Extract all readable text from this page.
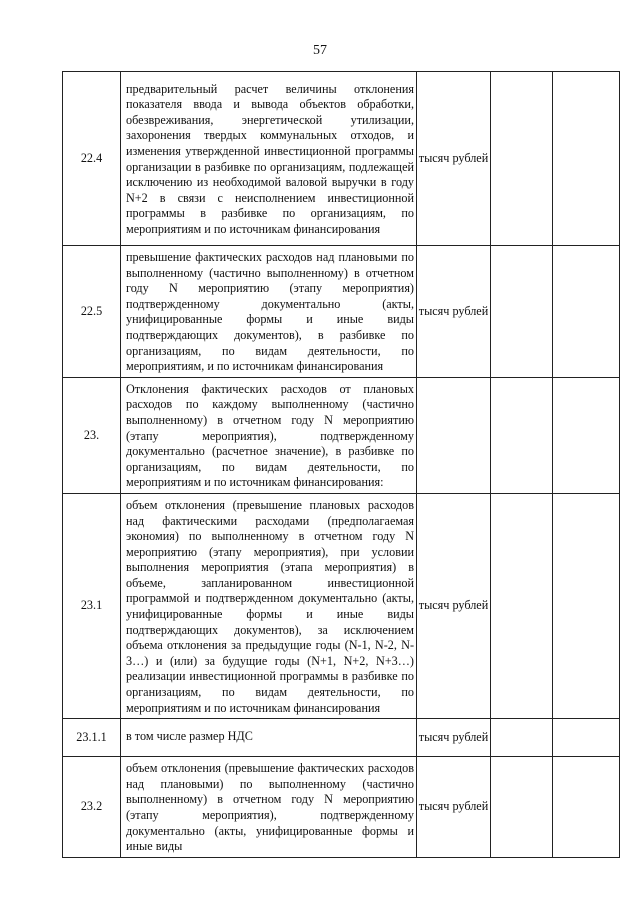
57
22.4	предварительный расчет величины отклонения показателя ввода и вывода объектов обработки, обезвреживания, энергетической утилизации, захоронения твердых коммунальных отходов, и изменения утвержденной инвестиционной программы организации в разбивке по организациям, подлежащей исключению из необходимой валовой выручки в году N+2 в связи с неисполнением инвестиционной программы в разбивке по организациям, по мероприятиям и по источникам финансирования	тысяч рублей		

22.5	превышение фактических расходов над плановыми по выполненному (частично выполненному) в отчетном году N мероприятию (этапу мероприятия) подтвержденному документально (акты, унифицированные формы и иные виды подтверждающих документов), в разбивке по организациям, по видам деятельности, по мероприятиям, и по источникам финансирования	тысяч рублей		

23.	Отклонения фактических расходов от плановых расходов по каждому выполненному (частично выполненному) в отчетном году N мероприятию (этапу мероприятия), подтвержденному документально (расчетное значение), в разбивке по организациям, по видам деятельности, по мероприятиям и по источникам финансирования:			

23.1	объем отклонения (превышение плановых расходов над фактическими расходами (предполагаемая экономия) по выполненному в отчетном году N мероприятию (этапу мероприятия), при условии выполнения мероприятия (этапа мероприятия) в объеме, запланированном инвестиционной программой и подтвержденном документально (акты, унифицированные формы и иные виды подтверждающих документов), за исключением объема отклонения за предыдущие годы (N-1, N-2, N-3…) и (или) за будущие годы (N+1, N+2, N+3…) реализации инвестиционной программы в разбивке по организациям, по видам деятельности, по мероприятиям и по источникам финансирования	тысяч рублей		

23.1.1	в том числе размер НДС	тысяч рублей		

23.2	объем отклонения (превышение фактических расходов над плановыми) по выполненному (частично выполненному) в отчетном году N мероприятию (этапу мероприятия), подтвержденному документально (акты, унифицированные формы и иные виды	тысяч рублей		
